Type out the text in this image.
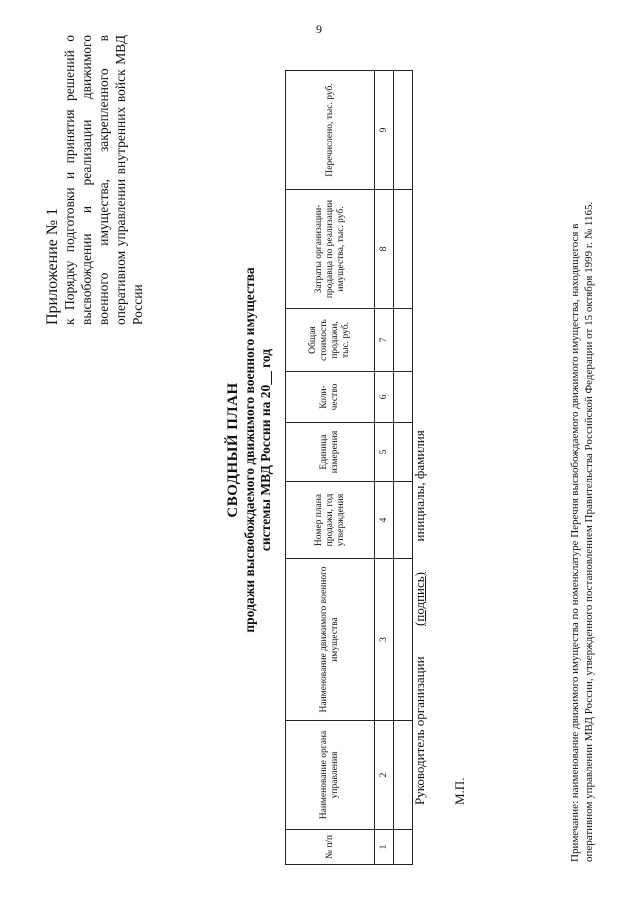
9
Приложение № 1 к Порядку подготовки и принятия решений о высвобождении и реализации движимого военного имущества, закрепленного в оперативном управлении внутренних войск МВД России
СВОДНЫЙ ПЛАН продажи высвобождаемого движимого военного имущества системы МВД России на 20__ год
№ п/п	Наименование органа управления	Наименование движимого военного имущества	Номер плана продажи, год утверждения	Единица измерения	Коли-чество	Общая стоимость продажи, тыс. руб.	Затраты организации-продавца по реализации имущества, тыс. руб.	Перечислено, тыс. руб.
1	2	3	4	5	6	7	8	9

Руководитель организации  (подпись)  инициалы, фамилия
М.П.	Примечание: наименование движимого имущества по номенклатуре Перечня высвобождаемого движимого имущества, находящегося в оперативном управлении МВД России, утвержденного постановлением Правительства Российской Федерации от 15 октября 1999 г. № 1165.
